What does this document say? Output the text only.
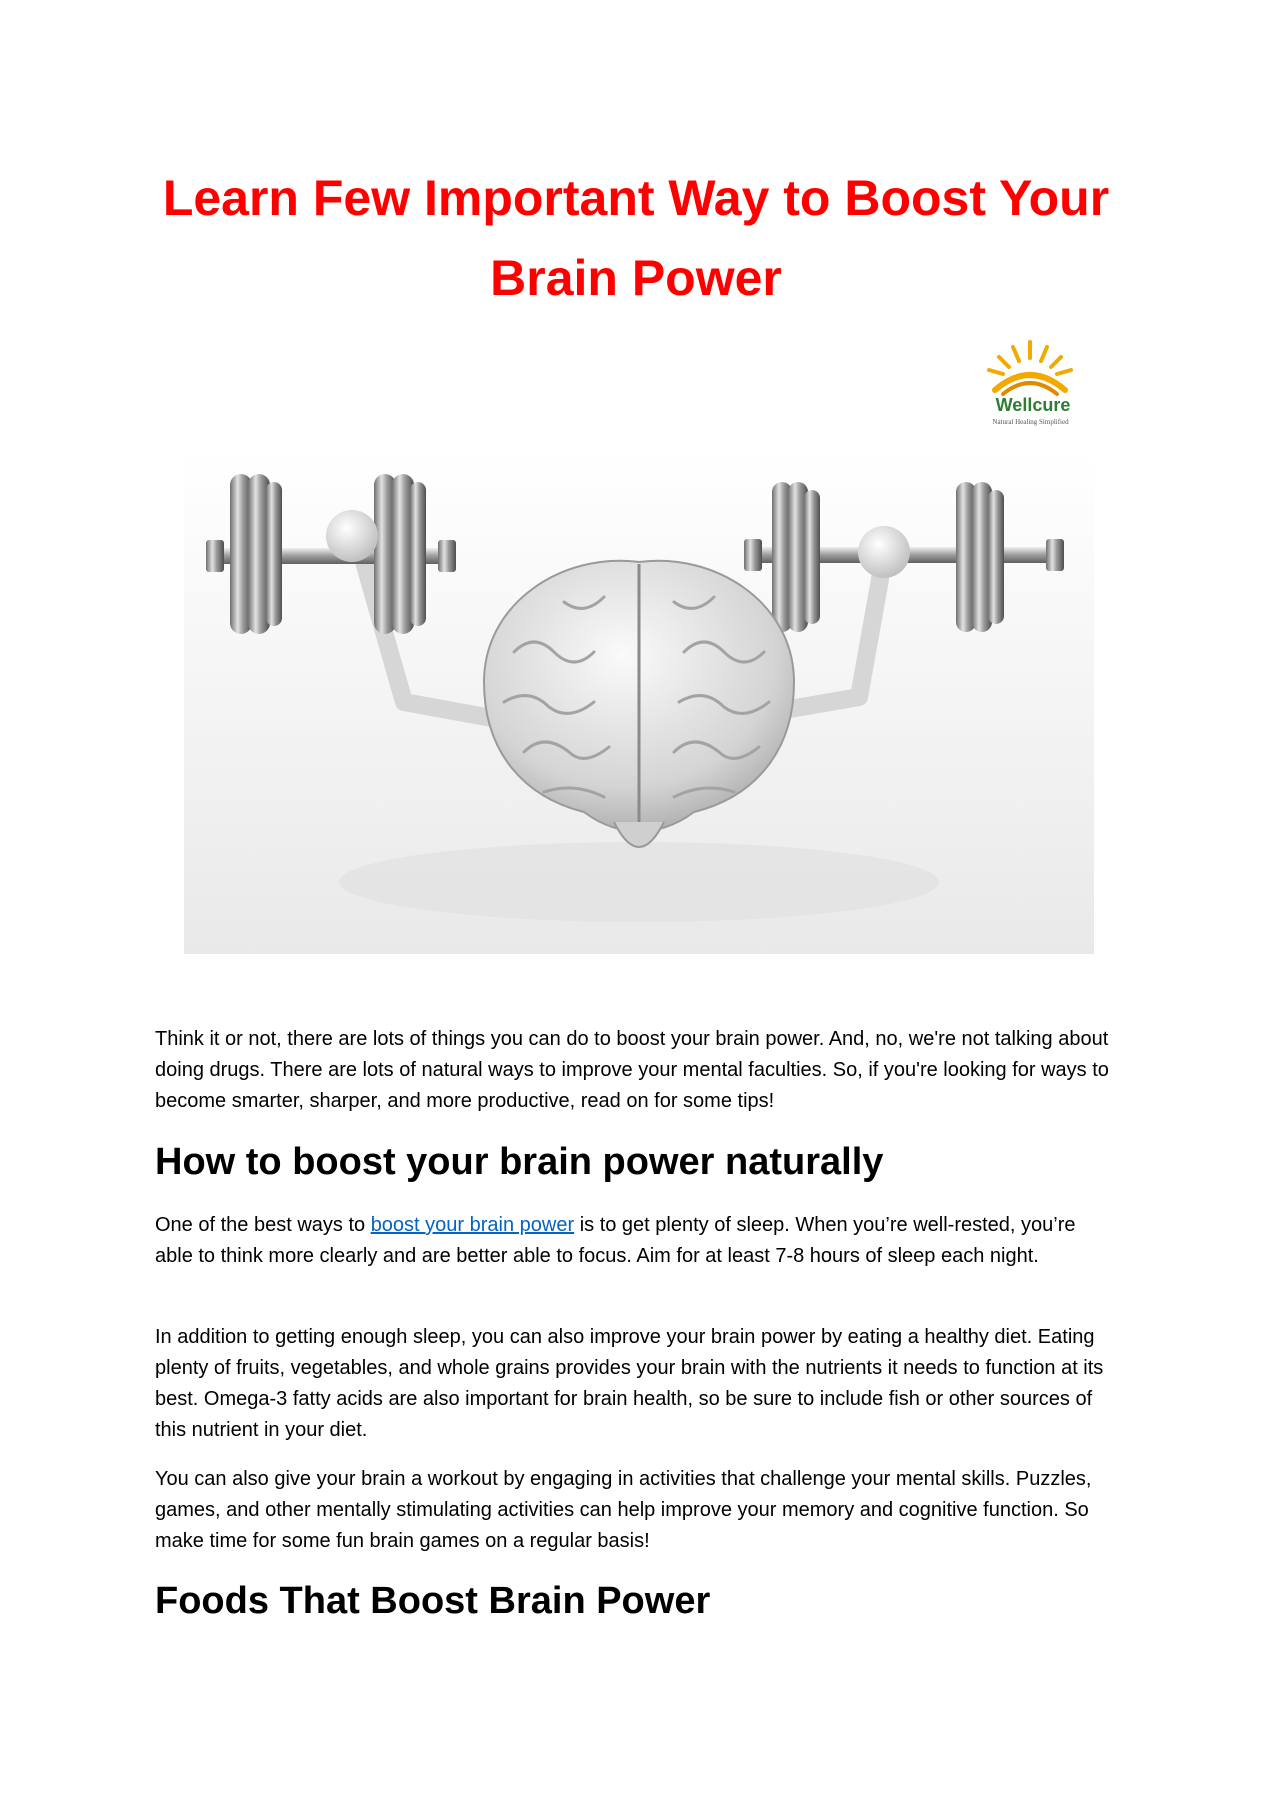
Learn Few Important Way to Boost Your Brain Power
Wellcure
Natural Healing Simplified

Think it or not, there are lots of things you can do to boost your brain power. And, no, we're not talking about doing drugs. There are lots of natural ways to improve your mental faculties. So, if you're looking for ways to become smarter, sharper, and more productive, read on for some tips!

How to boost your brain power naturally

One of the best ways to boost your brain power is to get plenty of sleep. When you’re well-rested, you’re able to think more clearly and are better able to focus. Aim for at least 7-8 hours of sleep each night.

In addition to getting enough sleep, you can also improve your brain power by eating a healthy diet. Eating plenty of fruits, vegetables, and whole grains provides your brain with the nutrients it needs to function at its best. Omega-3 fatty acids are also important for brain health, so be sure to include fish or other sources of this nutrient in your diet.

You can also give your brain a workout by engaging in activities that challenge your mental skills. Puzzles, games, and other mentally stimulating activities can help improve your memory and cognitive function. So make time for some fun brain games on a regular basis!

Foods That Boost Brain Power
